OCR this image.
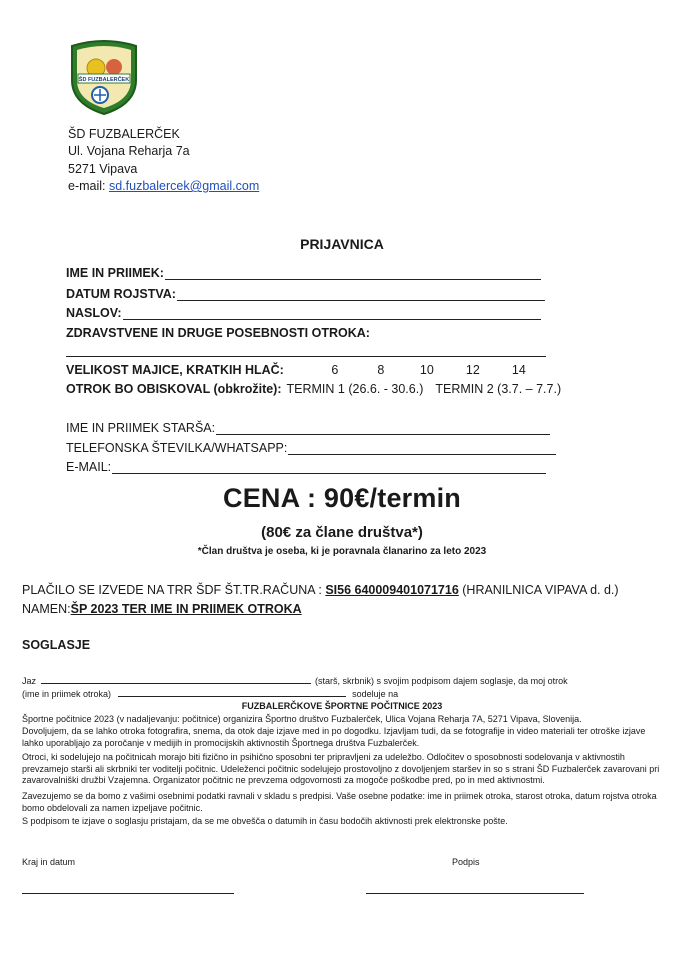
ŠD FUZBALERČEK
ŠD FUZBALERČEK
Ul. Vojana Reharja 7a
5271 Vipava
e-mail: sd.fuzbalercek@gmail.com
PRIJAVNICA
IME IN PRIIMEK:
DATUM ROJSTVA:
NASLOV:
ZDRAVSTVENE IN DRUGE POSEBNOSTI OTROKA:
VELIKOST MAJICE, KRATKIH HLAČ:	6	8	10	12	14
OTROK BO OBISKOVAL (obkrožite): TERMIN 1 (26.6. - 30.6.) TERMIN 2 (3.7. – 7.7.)
IME IN PRIIMEK STARŠA:
TELEFONSKA ŠTEVILKA/WHATSAPP:
E-MAIL:
CENA : 90€/termin
(80€ za člane društva*)
*Član društva je oseba, ki je poravnala članarino za leto 2023
PLAČILO SE IZVEDE NA TRR ŠDF ŠT.TR.RAČUNA : SI56 640009401071716 (HRANILNICA VIPAVA d. d.)
NAMEN:ŠP 2023 TER IME IN PRIIMEK OTROKA
SOGLASJE
Jaz	(starš, skrbnik) s svojim podpisom dajem soglasje, da moj otrok
(ime in priimek otroka)	sodeluje na
FUZBALERČKOVE ŠPORTNE POČITNICE 2023
Športne počitnice 2023 (v nadaljevanju: počitnice) organizira Športno društvo Fuzbalerček, Ulica Vojana Reharja 7A, 5271 Vipava, Slovenija.
Dovoljujem, da se lahko otroka fotografira, snema, da otok daje izjave med in po dogodku. Izjavljam tudi, da se fotografije in video materiali ter otroške izjave lahko uporabljajo za poročanje v medijih in promocijskih aktivnostih Športnega društva Fuzbalerček.
Otroci, ki sodelujejo na počitnicah morajo biti fizično in psihično sposobni ter pripravljeni za udeležbo. Odločitev o sposobnosti sodelovanja v aktivnostih prevzamejo starši ali skrbniki ter voditelji počitnic. Udeleženci počitnic sodelujejo prostovoljno z dovoljenjem staršev in so s strani ŠD Fuzbalerček zavarovani pri zavarovalniški družbi Vzajemna. Organizator počitnic ne prevzema odgovornosti za mogoče poškodbe pred, po in med aktivnostmi.
Zavezujemo se da bomo z vašimi osebnimi podatki ravnali v skladu s predpisi. Vaše osebne podatke: ime in priimek otroka, starost otroka, datum rojstva otroka bomo obdelovali za namen izpeljave počitnic.
S podpisom te izjave o soglasju pristajam, da se me obvešča o datumih in času bodočih aktivnosti prek elektronske pošte.
Kraj in datum	Podpis
